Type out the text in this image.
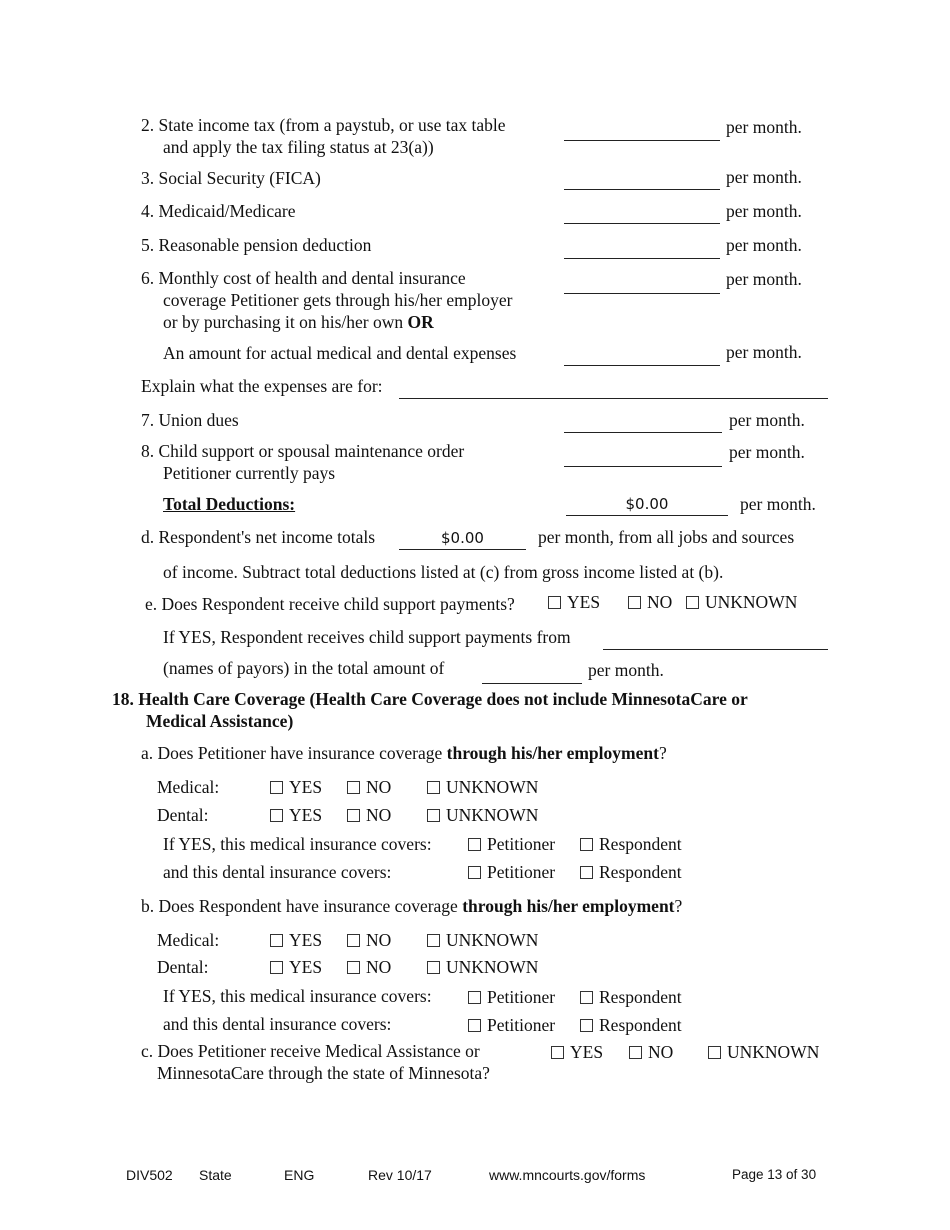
2. State income tax (from a paystub, or use tax table
and apply the tax filing status at 23(a))
per month.
3. Social Security (FICA)	per month.
4. Medicaid/Medicare	per month.
5. Reasonable pension deduction	per month.
6. Monthly cost of health and dental insurance
coverage Petitioner gets through his/her employer
or by purchasing it on his/her own OR
per month.
An amount for actual medical and dental expenses	per month.
Explain what the expenses are for:
7. Union dues	per month.
8. Child support or spousal maintenance order
Petitioner currently pays
per month.
Total Deductions:	$0.00	per month.
d. Respondent's net income totals	$0.00	per month, from all jobs and sources
of income. Subtract total deductions listed at (c) from gross income listed at (b).
e. Does Respondent receive child support payments?	YES	NO	UNKNOWN
If YES, Respondent receives child support payments from
(names of payors) in the total amount of	per month.
18. Health Care Coverage (Health Care Coverage does not include MinnesotaCare or
Medical Assistance)
a. Does Petitioner have insurance coverage through his/her employment?
Medical:	YES	NO	UNKNOWN
Dental:	YES	NO	UNKNOWN
If YES, this medical insurance covers:	Petitioner	Respondent
and this dental insurance covers:	Petitioner	Respondent
b. Does Respondent have insurance coverage through his/her employment?
Medical:	YES	NO	UNKNOWN
Dental:	YES	NO	UNKNOWN
If YES, this medical insurance covers:	Petitioner	Respondent
and this dental insurance covers:	Petitioner	Respondent
c. Does Petitioner receive Medical Assistance or
MinnesotaCare through the state of Minnesota?
YES	NO	UNKNOWN
DIV502 State	ENG	Rev 10/17	www.mncourts.gov/forms	Page 13 of 30
